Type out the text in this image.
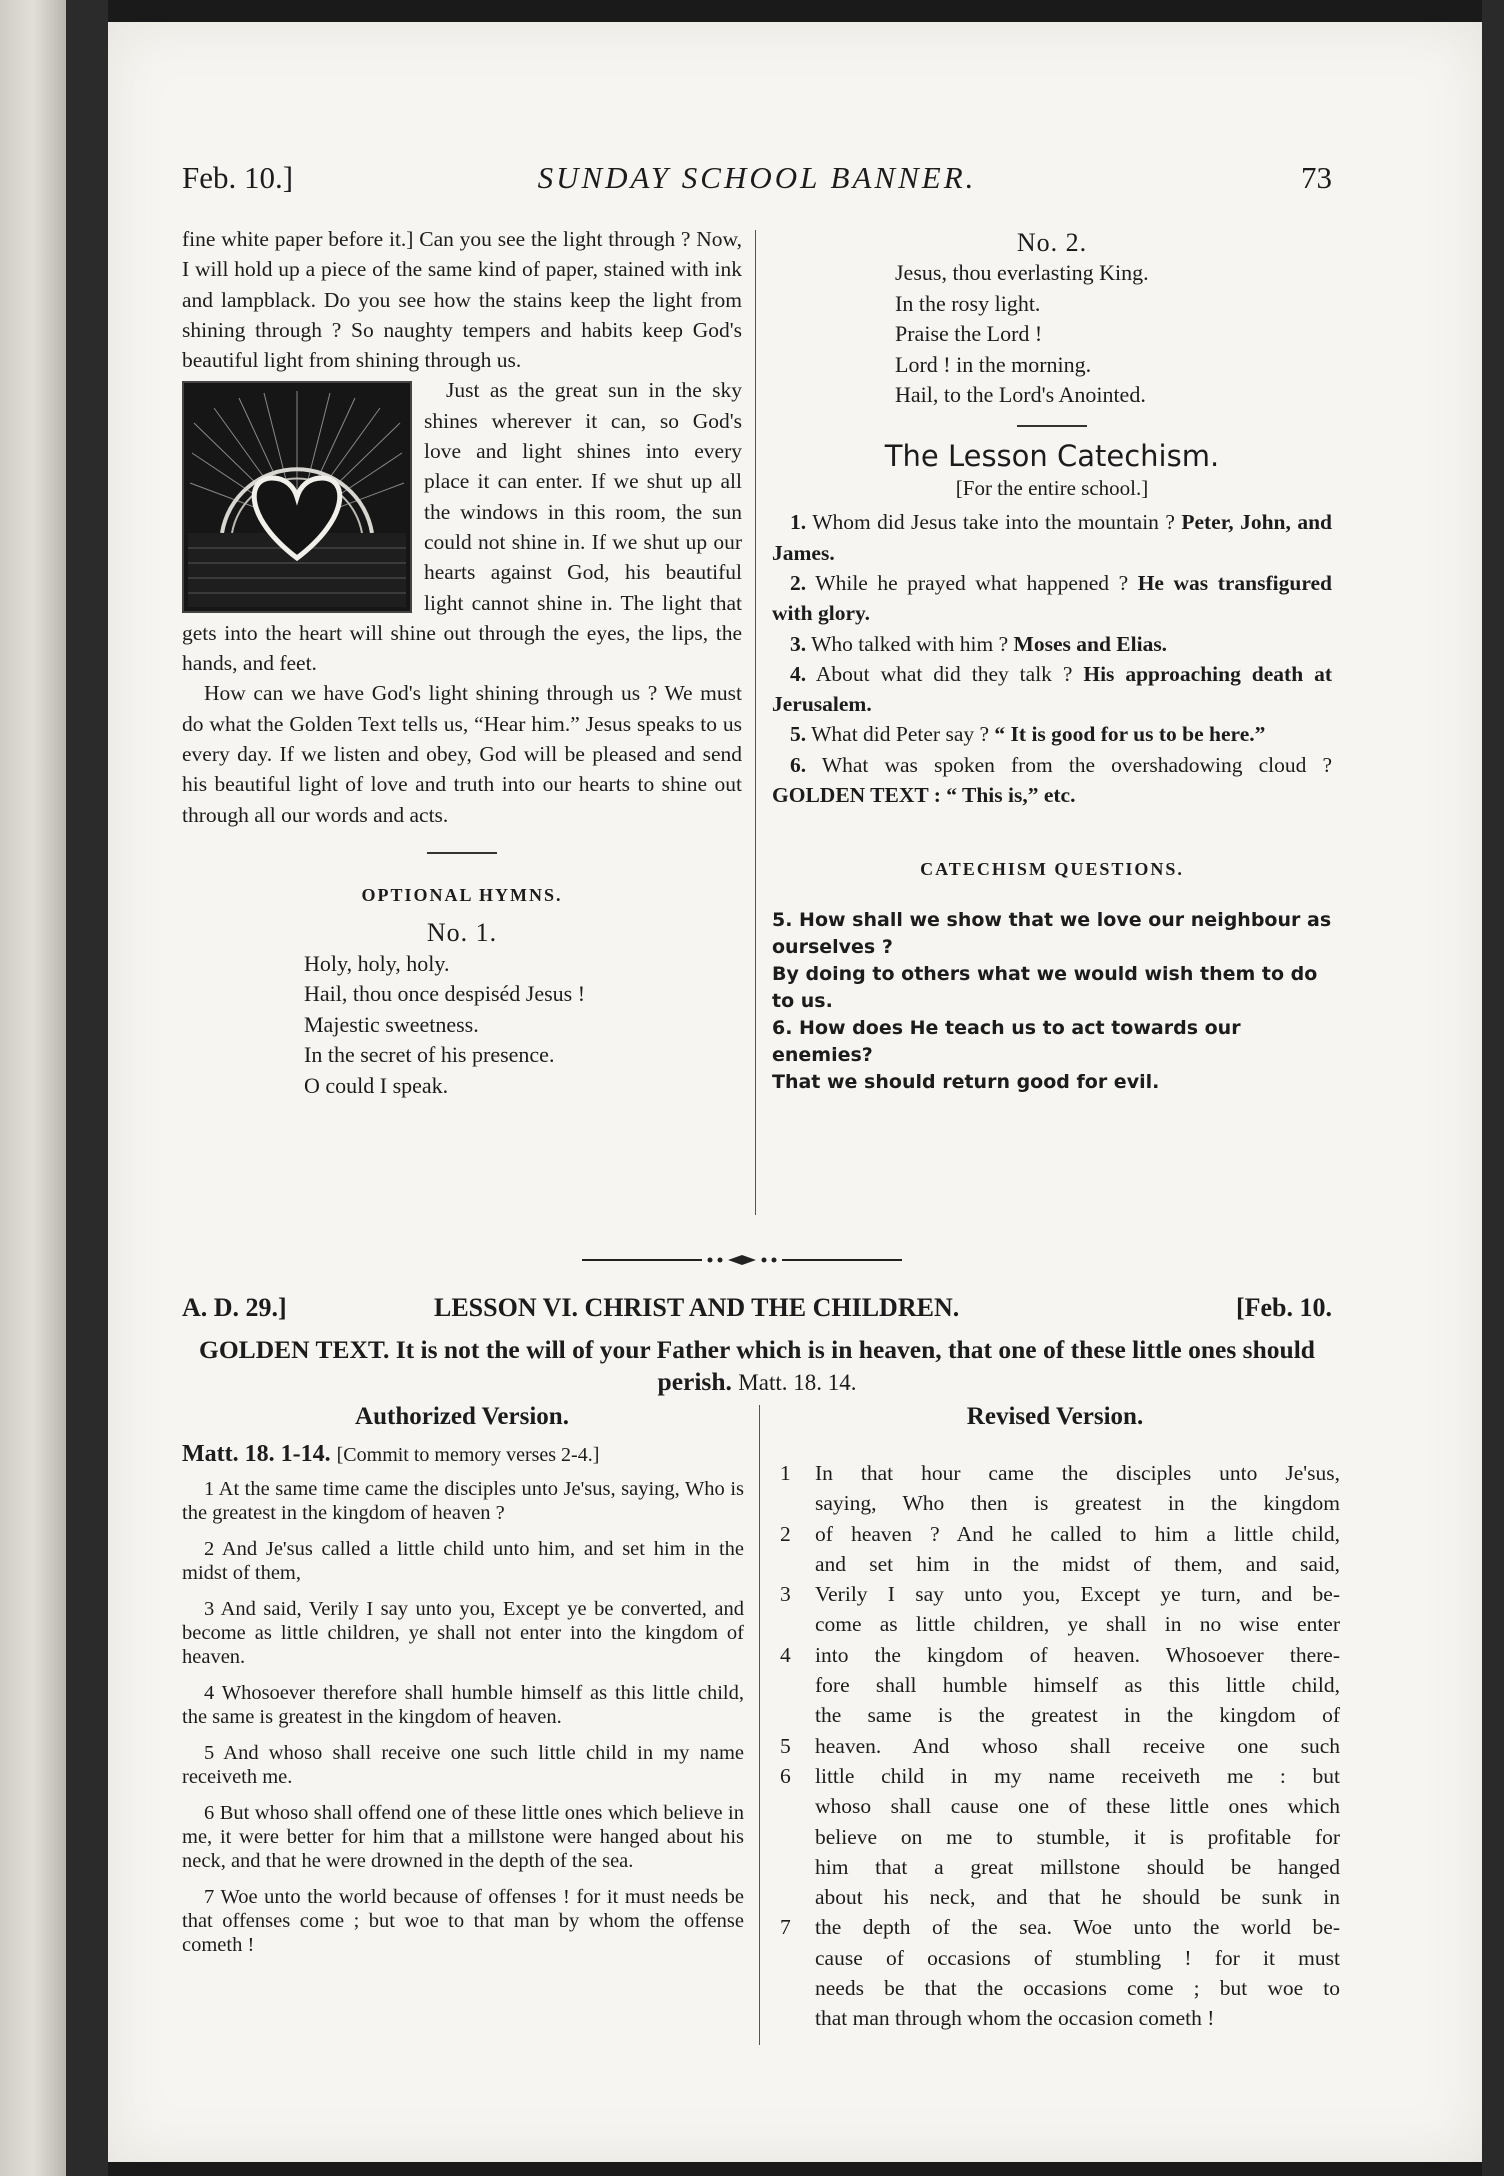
Feb. 10.]	SUNDAY SCHOOL BANNER.	73

fine white paper before it.] Can you see the light through ? Now, I will hold up a piece of the same kind of paper, stained with ink and lampblack. Do you see how the stains keep the light from shining through ? So naughty tempers and habits keep God's beautiful light from shining through us.

Just as the great sun in the sky shines wherever it can, so God's love and light shines into every place it can enter. If we shut up all the windows in this room, the sun could not shine in. If we shut up our hearts against God, his beautiful light cannot shine in. The light that gets into the heart will shine out through the eyes, the lips, the hands, and feet.

How can we have God's light shining through us ? We must do what the Golden Text tells us, “Hear him.” Jesus speaks to us every day. If we listen and obey, God will be pleased and send his beautiful light of love and truth into our hearts to shine out through all our words and acts.

OPTIONAL HYMNS.
No. 1.
Holy, holy, holy.
Hail, thou once despiséd Jesus !
Majestic sweetness.
In the secret of his presence.
O could I speak.
No. 2.
Jesus, thou everlasting King.
In the rosy light.
Praise the Lord !
Lord ! in the morning.
Hail, to the Lord's Anointed.
The Lesson Catechism.
[For the entire school.]

1. Whom did Jesus take into the mountain ? Peter, John, and James.

2. While he prayed what happened ? He was transfigured with glory.

3. Who talked with him ? Moses and Elias.

4. About what did they talk ? His approaching death at Jerusalem.

5. What did Peter say ? “ It is good for us to be here.”

6. What was spoken from the overshadowing cloud ? GOLDEN TEXT : “ This is,” etc.

CATECHISM QUESTIONS.

5. How shall we show that we love our neighbour as ourselves ?

By doing to others what we would wish them to do to us.

6. How does He teach us to act towards our enemies?

That we should return good for evil.

A. D. 29.]	LESSON VI. CHRIST AND THE CHILDREN.	[Feb. 10.
GOLDEN TEXT. It is not the will of your Father which is in heaven, that one of these little ones should perish. Matt. 18. 14.
Authorized Version.	Revised Version.
Matt. 18. 1-14. [Commit to memory verses 2-4.]

1 At the same time came the disciples unto Je'sus, saying, Who is the greatest in the kingdom of heaven ?

2 And Je'sus called a little child unto him, and set him in the midst of them,

3 And said, Verily I say unto you, Except ye be converted, and become as little children, ye shall not enter into the kingdom of heaven.

4 Whosoever therefore shall humble himself as this little child, the same is greatest in the kingdom of heaven.

5 And whoso shall receive one such little child in my name receiveth me.

6 But whoso shall offend one of these little ones which believe in me, it were better for him that a millstone were hanged about his neck, and that he were drowned in the depth of the sea.

7 Woe unto the world because of offenses ! for it must needs be that offenses come ; but woe to that man by whom the offense cometh !

1	In that hour came the disciples unto Je'sus,
saying, Who then is greatest in the kingdom
2	of heaven ? And he called to him a little child,
and set him in the midst of them, and said,
3	Verily I say unto you, Except ye turn, and be-
come as little children, ye shall in no wise enter
4	into the kingdom of heaven. Whosoever there-
fore shall humble himself as this little child,
the same is the greatest in the kingdom of
5	heaven. And whoso shall receive one such
6	little child in my name receiveth me : but
whoso shall cause one of these little ones which
believe on me to stumble, it is profitable for
him that a great millstone should be hanged
about his neck, and that he should be sunk in
7	the depth of the sea. Woe unto the world be-
cause of occasions of stumbling ! for it must
needs be that the occasions come ; but woe to
that man through whom the occasion cometh !
